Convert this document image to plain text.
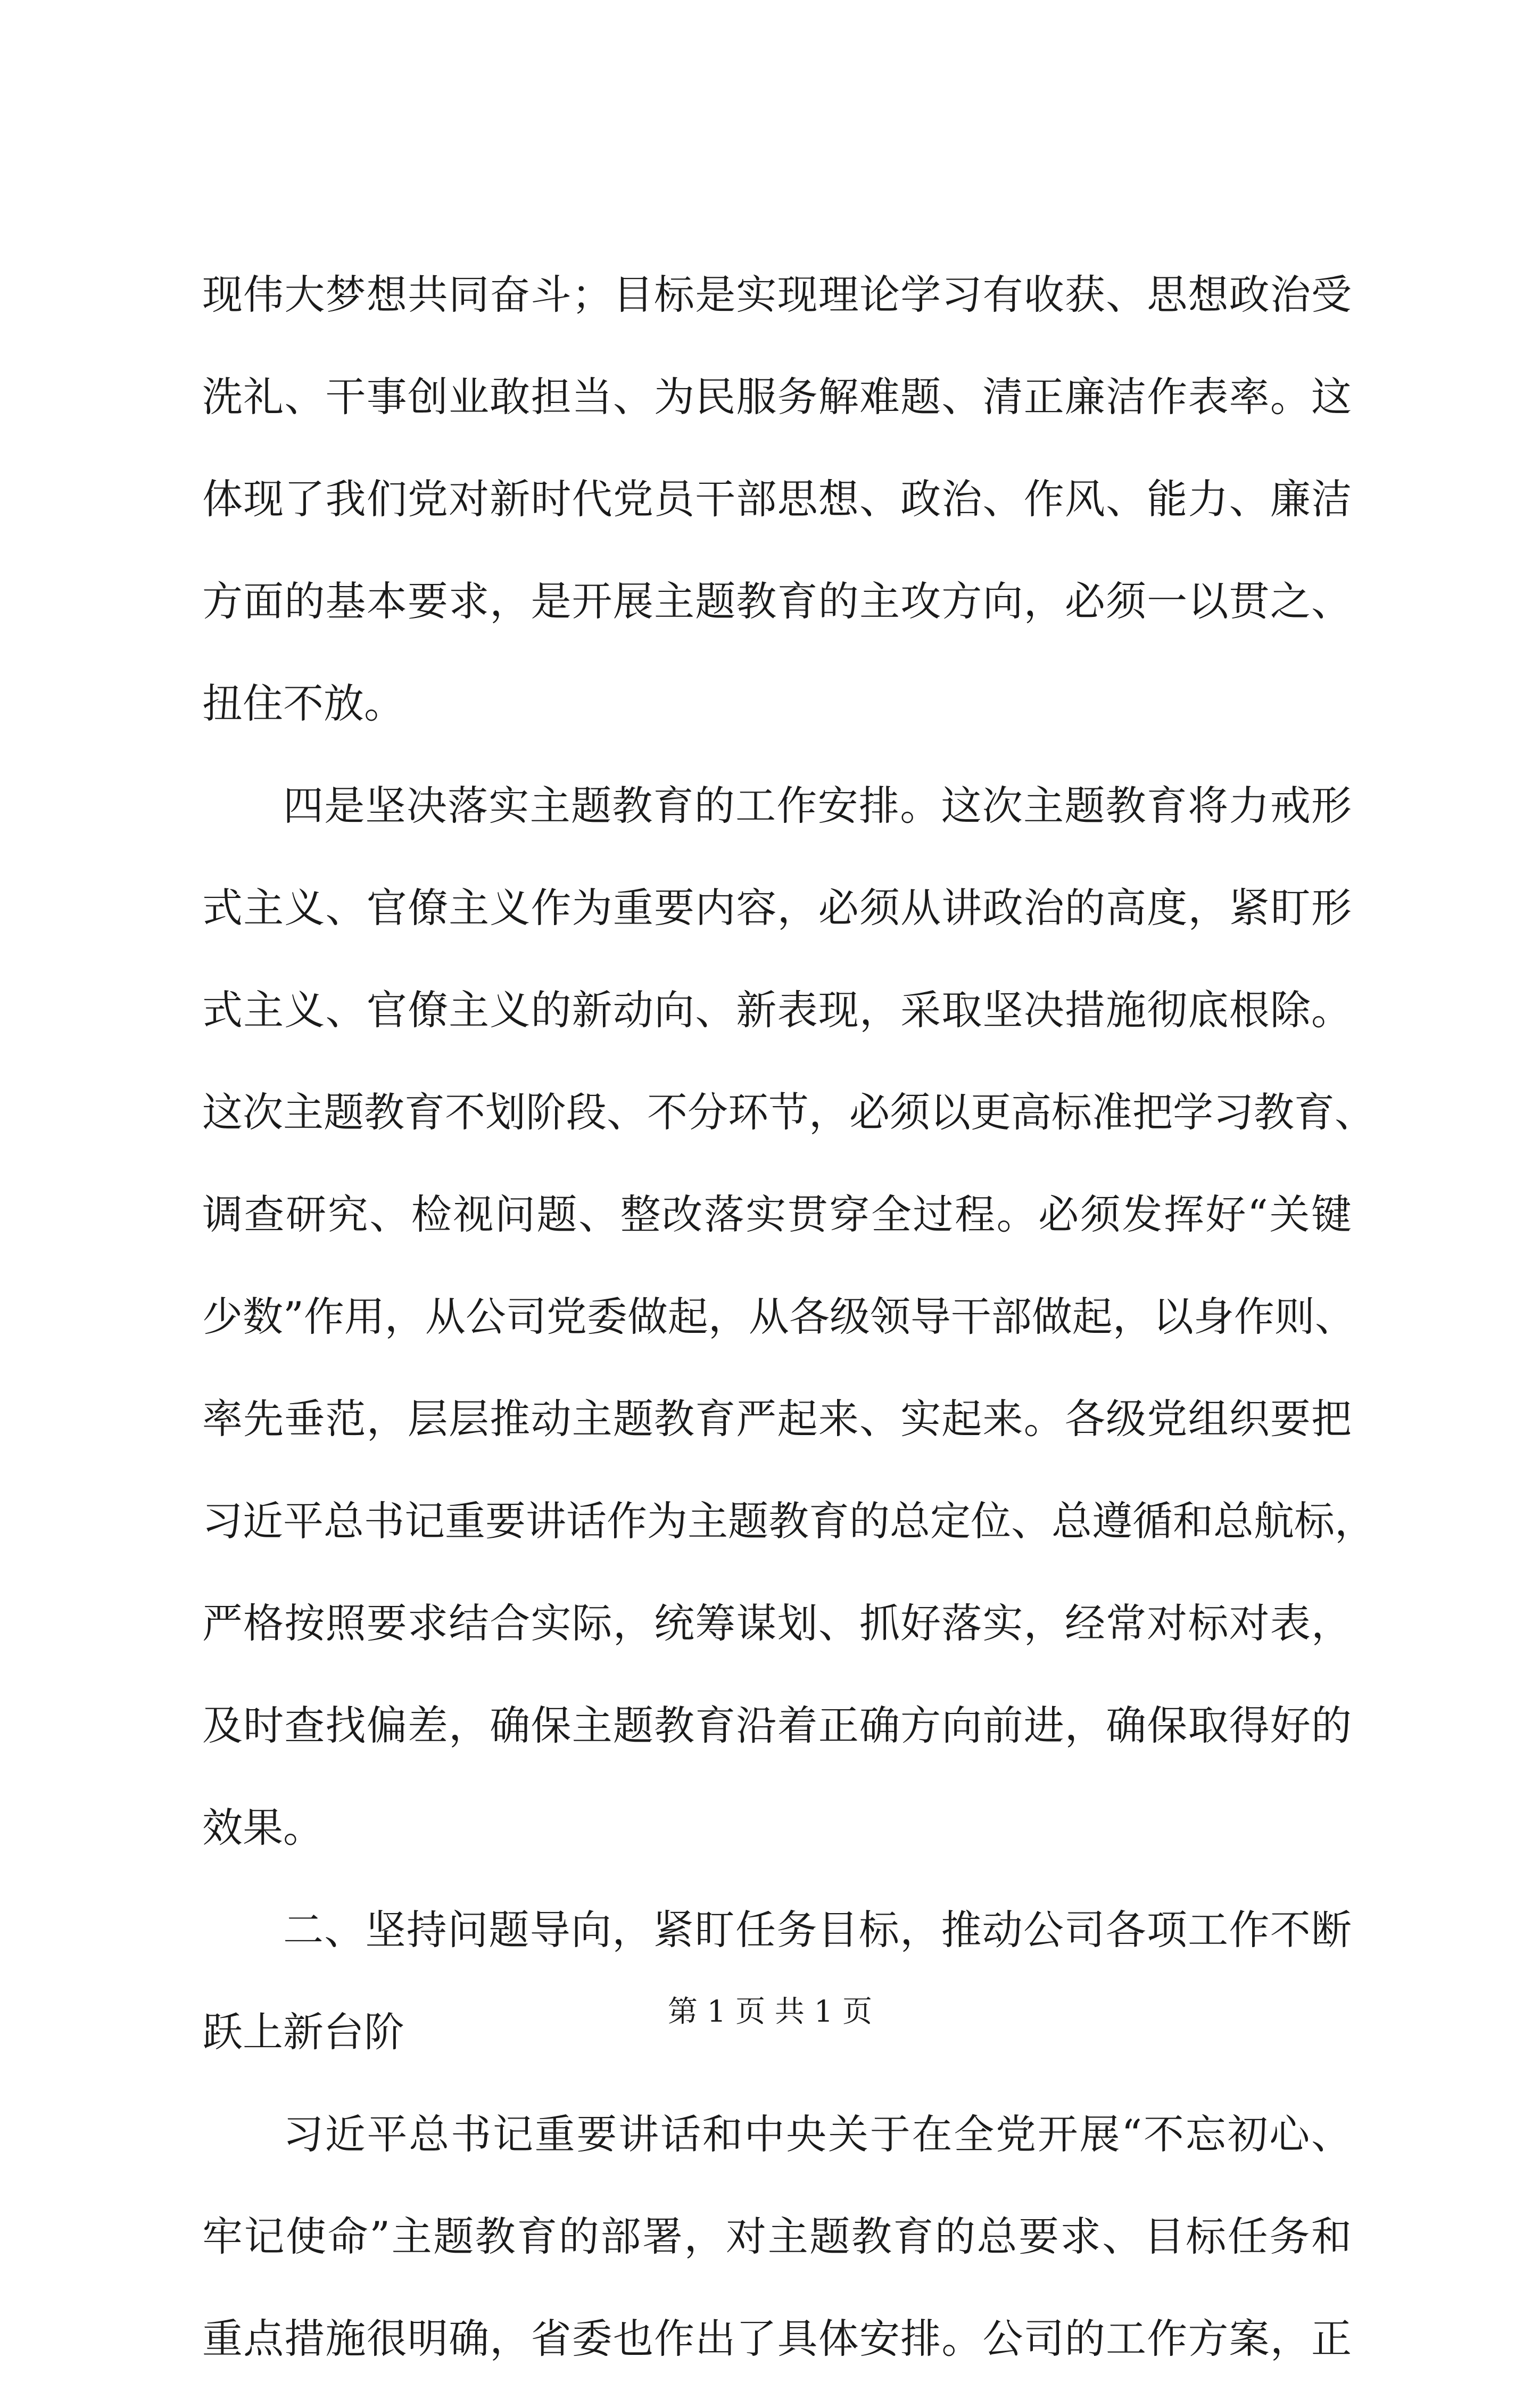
现伟大梦想共同奋斗；目标是实现理论学习有收获、思想政治受
洗礼、干事创业敢担当、为民服务解难题、清正廉洁作表率。这
体现了我们党对新时代党员干部思想、政治、作风、能力、廉洁
方面的基本要求，是开展主题教育的主攻方向，必须一以贯之、
扭住不放。
四是坚决落实主题教育的工作安排。这次主题教育将力戒形
式主义、官僚主义作为重要内容，必须从讲政治的高度，紧盯形
式主义、官僚主义的新动向、新表现，采取坚决措施彻底根除。
这次主题教育不划阶段、不分环节，必须以更高标准把学习教育、
调查研究、检视问题、整改落实贯穿全过程。必须发挥好“关键
少数”作用，从公司党委做起，从各级领导干部做起，以身作则、
率先垂范，层层推动主题教育严起来、实起来。各级党组织要把
习近平总书记重要讲话作为主题教育的总定位、总遵循和总航标，
严格按照要求结合实际，统筹谋划、抓好落实，经常对标对表，
及时查找偏差，确保主题教育沿着正确方向前进，确保取得好的
效果。
二、坚持问题导向，紧盯任务目标，推动公司各项工作不断
跃上新台阶
习近平总书记重要讲话和中央关于在全党开展“不忘初心、
牢记使命”主题教育的部署，对主题教育的总要求、目标任务和
重点措施很明确，省委也作出了具体安排。公司的工作方案，正
第 1 页 共 1 页
